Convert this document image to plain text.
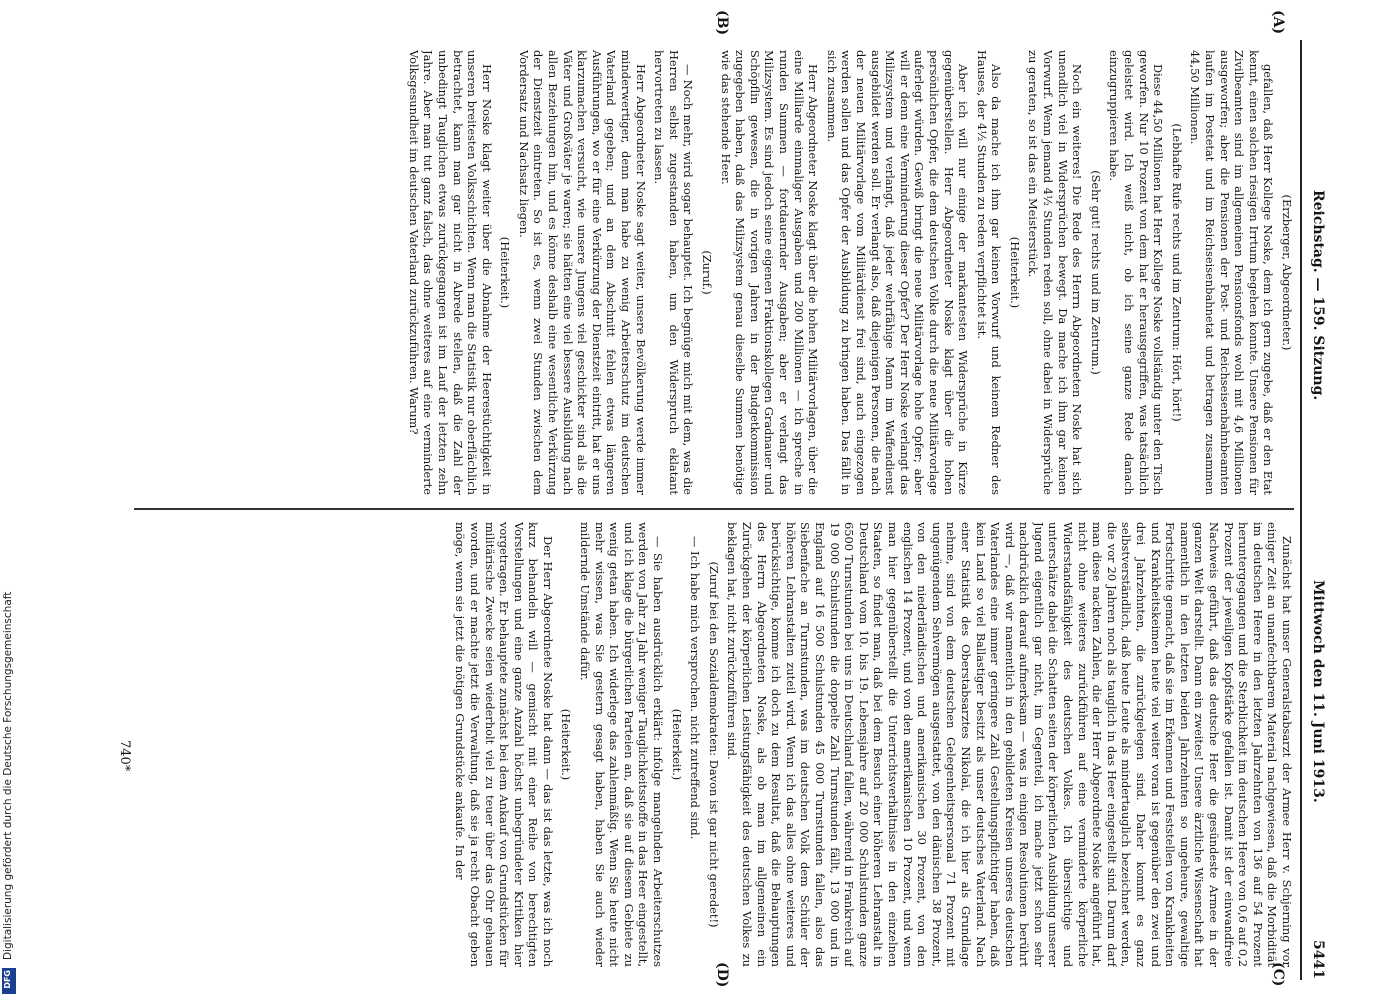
Reichstag. — 159. Sitzung.
Mittwoch den 11. Juni 1913.
5441
(A)
(B)
(C)
(D)

(Erzberger, Abgeordneter.)

gefallen, daß Herr Kollege Noske, dem ich gern zugebe, daß er den Etat kennt, einen solchen riesigen Irrtum begehen konnte. Unsere Pensionen für Zivilbeamten sind im allgemeinen Pensionsfonds wohl mit 4,6 Millionen ausgeworfen; aber die Pensionen der Post- und Reichseisenbahnbeamten laufen im Postetat und im Reichseisenbahnetat und betragen zusammen 44,50 Millionen.

(Lebhafte Rufe rechts und im Zentrum: Hört, hört!)

Diese 44,50 Millionen hat Herr Kollege Noske vollständig unter den Tisch geworfen. Nur 10 Prozent von dem hat er herausgegriffen, was tatsächlich geleistet wird. Ich weiß nicht, ob ich seine ganze Rede danach einzugruppieren habe.

(Sehr gut! rechts und im Zentrum.)

Noch ein weiteres! Die Rede des Herrn Abgeordneten Noske hat sich unendlich viel in Widersprüchen bewegt. Da mache ich ihm gar keinen Vorwurf. Wenn jemand 4½ Stunden reden soll, ohne dabei in Widersprüche zu geraten, so ist das ein Meisterstück.

(Heiterkeit.)

Also da mache ich ihm gar keinen Vorwurf und keinem Redner des Hauses, der 4½ Stunden zu reden verpflichtet ist.

Aber ich will nur einige der markantesten Widersprüche in Kürze gegenüberstellen. Herr Abgeordneter Noske klagt über die hohen persönlichen Opfer, die dem deutschen Volke durch die neue Militärvorlage auferlegt würden. Gewiß bringt die neue Militärvorlage hohe Opfer; aber will er denn eine Verminderung dieser Opfer? Der Herr Noske verlangt das Milizsystem und verlangt, daß jeder wehrfähige Mann im Waffendienst ausgebildet werden soll. Er verlangt also, daß diejenigen Personen, die nach der neuen Militärvorlage vom Militärdienst frei sind, auch eingezogen werden sollen und das Opfer der Ausbildung zu bringen haben. Das fällt in sich zusammen.

Herr Abgeordneter Noske klagt über die hohen Militärvorlagen, über die eine Milliarde einmaliger Ausgaben und 200 Millionen — ich spreche in runden Summen — fortdauernder Ausgaben; aber er verlangt das Milizsystem. Es sind jedoch seine eigenen Fraktionskollegen Gradnauer und Schöpflin gewesen, die in vorigen Jahren in der Budgetkommission zugegeben haben, daß das Milizsystem genau dieselbe Summen benötige wie das stehende Heer.

(Zuruf.)

— Noch mehr, wird sogar behauptet. Ich begnüge mich mit dem, was die Herren selbst zugestanden haben, um den Widerspruch eklatant hervortreten zu lassen.

Herr Abgeordneter Noske sagt weiter, unsere Bevölkerung werde immer minderwertiger, denn man habe zu wenig Arbeiterschutz im deutschen Vaterland gegeben; und an dem Abschnitt fehlen etwas längeren Ausführungen, wo er für eine Verkürzung der Dienstzeit eintritt, hat er uns klarzumachen versucht, wie unsere Jungens viel geschickter sind als die Väter und Großväter je waren; sie hätten eine viel bessere Ausbildung nach allen Beziehungen hin, und es könne deshalb eine wesentliche Verkürzung der Dienstzeit eintreten. So ist es, wenn zwei Stunden zwischen dem Vordersatz und Nachsatz liegen.

(Heiterkeit.)

Herr Noske klagt weiter über die Abnahme der Heerestüchtigkeit in unseren breitesten Volksschichten. Wenn man die Statistik nur oberflächlich betrachtet, kann man gar nicht in Abrede stellen, daß die Zahl der unbedingt Tauglichen etwas zurückgegangen ist im Lauf der letzten zehn Jahre. Aber man tut ganz falsch, das ohne weiteres auf eine verminderte Volksgesundheit im deutschen Vaterland zurückzuführen. Warum?

Zunächst hat unser Generalstabsarzt der Armee Herr v. Schjerning vor einiger Zeit an unanfechtbarem Material nachgewiesen, daß die Morbidität im deutschen Heere in den letzten Jahrzehnten von 136 auf 54 Prozent heruntergegangen und die Sterblichkeit im deutschen Heere von 0,6 auf 0,2 Prozent der jeweiligen Kopfstärke gefallen ist. Damit ist der einwandfreie Nachweis geführt, daß das deutsche Heer die gesündeste Armee in der ganzen Welt darstellt. Dann ein zweites! Unsere ärztliche Wissenschaft hat namentlich in den letzten beiden Jahrzehnten so ungeheure, gewaltige Fortschritte gemacht, daß sie im Erkennen und Feststellen von Krankheiten und Krankheitskeimen heute viel weiter voran ist gegenüber den zwei und drei Jahrzehnten, die zurückgelegen sind. Daher kommt es ganz selbstverständlich, daß heute Leute als mindertauglich bezeichnet werden, die vor 20 Jahren noch als tauglich in das Heer eingestellt sind. Darum darf man diese nackten Zahlen, die der Herr Abgeordnete Noske angeführt hat, nicht ohne weiteres zurückführen auf eine verminderte körperliche Widerstandsfähigkeit des deutschen Volkes. Ich übersichtige und unterschätze dabei die Schatten seiten der körperlichen Ausbildung unserer Jugend eigentlich gar nicht, im Gegenteil, ich mache jetzt schon sehr nachdrücklich darauf aufmerksam — was in einigen Resolutionen berührt wird —, daß wir namentlich in den gebildeten Kreisen unseres deutschen Vaterlandes eine immer geringere Zahl Gestellungspflichtiger haben, daß kein Land so viel Ballastiger besitzt als unser deutsches Vaterland. Nach einer Statistik des Oberstabsarztes Nikolai, die ich hier als Grundlage nehme, sind von dem deutschen Gelegenheitspersonal 71 Prozent mit ungenügendem Sehvermögen ausgestattet, von den dänischen 38 Prozent, von den niederländischen und amerikanischen 30 Prozent, von den englischen 14 Prozent, und von den amerikanischen 10 Prozent, und wenn man hier gegenüberstellt die Unterrichtsverhältnisse in den einzelnen Staaten, so findet man, daß bei dem Besuch einer höheren Lehranstalt in Deutschland vom 10. bis 19. Lebensjahre auf 20 000 Schulstunden ganze 6500 Turnstunden bei uns in Deutschland fallen, während in Frankreich auf 19 000 Schulstunden die doppelte Zahl Turnstunden fällt, 13 000 und in England auf 16 500 Schulstunden 45 000 Turnstunden fallen, also das Siebenfache an Turnstunden, was im deutschen Volk dem Schüler der höheren Lehranstalten zuteil wird. Wenn ich das alles ohne weiteres und berücksichtige, komme ich doch zu dem Resultat, daß die Behauptungen des Herrn Abgeordneten Noske, als ob man im allgemeinen ein Zurückgehen der körperlichen Leistungsfähigkeit des deutschen Volkes zu beklagen hat, nicht zurückzuführen sind.

(Zuruf bei den Sozialdemokraten: Davon ist gar nicht geredet!)

— Ich habe mich versprochen. nicht zutreffend sind.

(Heiterkeit.)

— Sie haben ausdrücklich erklärt: infolge mangelnden Arbeiterschutzes werden von Jahr zu Jahr weniger Tauglichkeitsstoffe in das Heer eingestellt, und ich klage die bürgerlichen Parteien an, daß sie auf diesem Gebiete zu wenig getan haben. Ich widerlege das zahlenmäßig. Wenn Sie heute nicht mehr wissen, was Sie gestern gesagt haben, haben Sie auch wieder mildernde Umstände dafür.

(Heiterkeit.)

Der Herr Abgeordnete Noske hat dann — das ist das letzte, was ich noch kurz behandeln will — gemischt mit einer Reihe von berechtigten Vorstellungen und eine ganze Anzahl höchst unbegründeter Kritiken hier vorgetragen. Er behauptete zunächst bei dem Ankauf von Grundstücken für militärische Zwecke seien wiederholt viel zu teuer über das Ohr gehauen worden, und er machte jetzt die Verwaltung, daß sie ja recht Obacht geben möge, wenn sie jetzt die nötigen Grundstücke ankaufe. In der

740*
Digitalisierung gefördert durch die Deutsche Forschungsgemeinschaft
DFG
